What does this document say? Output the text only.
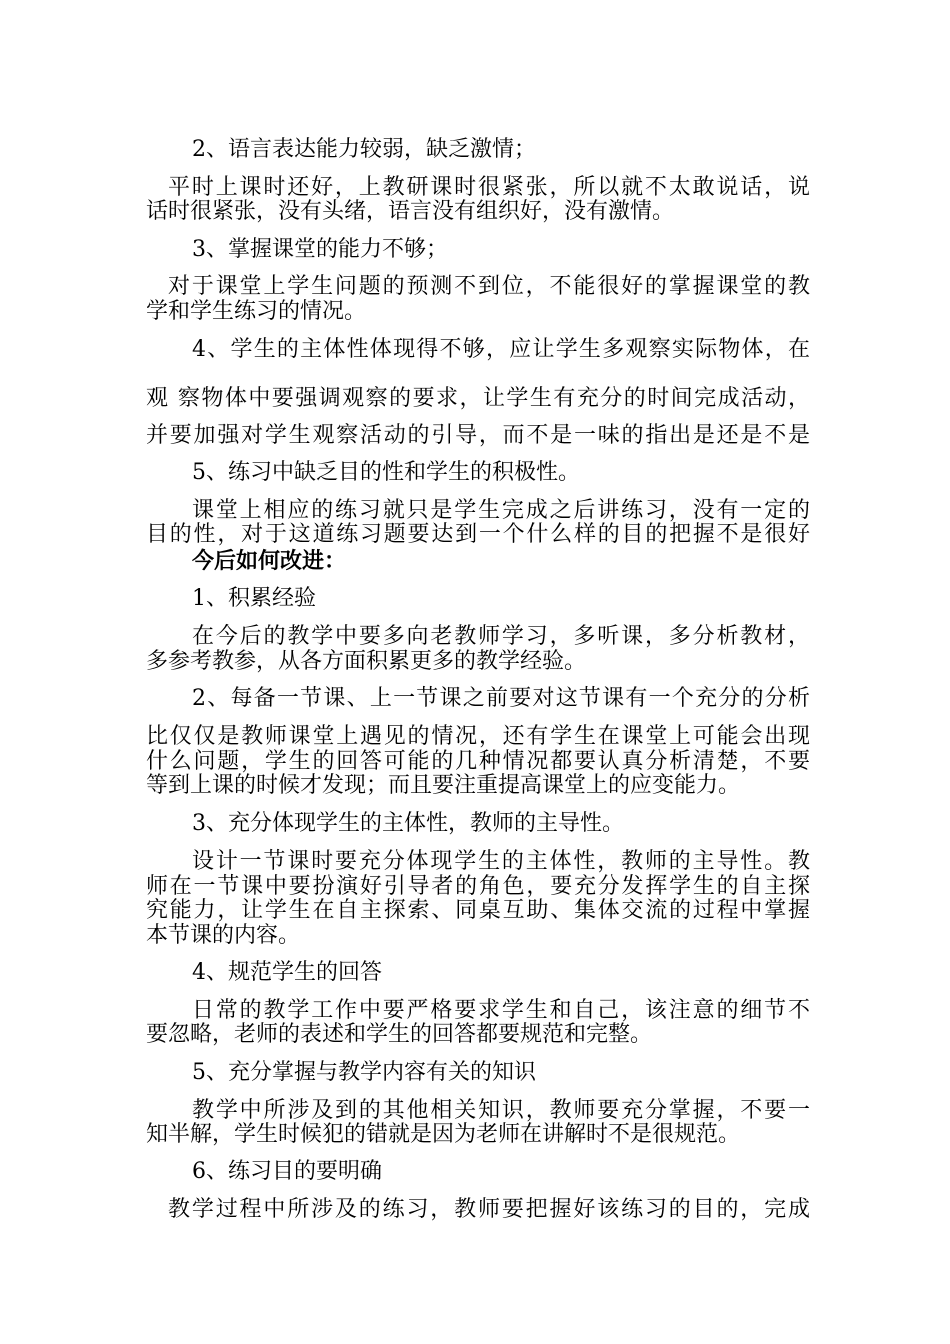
2、语言表达能力较弱，缺乏激情；
平时上课时还好，上教研课时很紧张，所以就不太敢说话，说
话时很紧张，没有头绪，语言没有组织好，没有激情。
3、掌握课堂的能力不够；
对于课堂上学生问题的预测不到位，不能很好的掌握课堂的教
学和学生练习的情况。
4、学生的主体性体现得不够，应让学生多观察实际物体，在
观 察物体中要强调观察的要求，让学生有充分的时间完成活动，
并要加强对学生观察活动的引导，而不是一味的指出是还是不是
5、练习中缺乏目的性和学生的积极性。
课堂上相应的练习就只是学生完成之后讲练习，没有一定的
目的性，对于这道练习题要达到一个什么样的目的把握不是很好
今后如何改进：
1、积累经验
在今后的教学中要多向老教师学习，多听课，多分析教材，
多参考教参，从各方面积累更多的教学经验。
2、每备一节课、上一节课之前要对这节课有一个充分的分析
比仅仅是教师课堂上遇见的情况，还有学生在课堂上可能会出现
什么问题，学生的回答可能的几种情况都要认真分析清楚，不要
等到上课的时候才发现；而且要注重提高课堂上的应变能力。
3、充分体现学生的主体性，教师的主导性。
设计一节课时要充分体现学生的主体性，教师的主导性。教
师在一节课中要扮演好引导者的角色，要充分发挥学生的自主探
究能力，让学生在自主探索、同桌互助、集体交流的过程中掌握
本节课的内容。
4、规范学生的回答
日常的教学工作中要严格要求学生和自己，该注意的细节不
要忽略，老师的表述和学生的回答都要规范和完整。
5、充分掌握与教学内容有关的知识
教学中所涉及到的其他相关知识，教师要充分掌握，不要一
知半解，学生时候犯的错就是因为老师在讲解时不是很规范。
6、练习目的要明确
教学过程中所涉及的练习，教师要把握好该练习的目的，完成
